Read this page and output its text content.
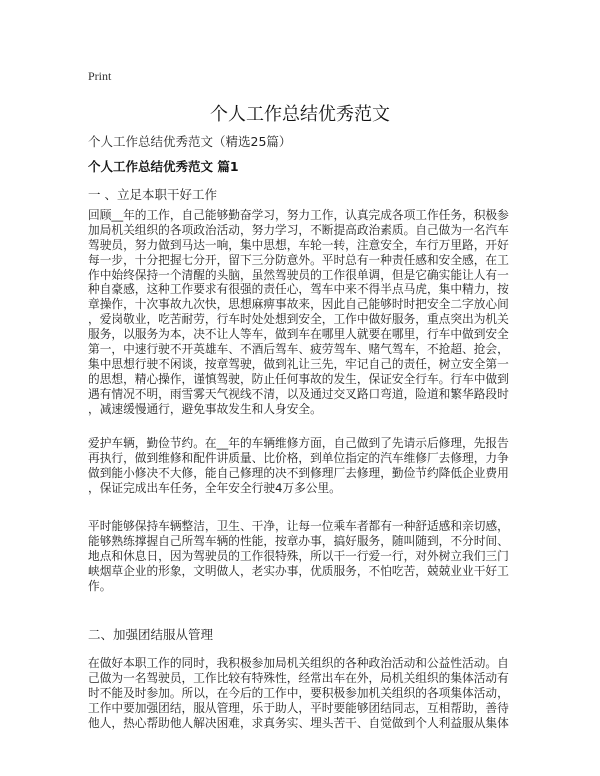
Print
个人工作总结优秀范文
个人工作总结优秀范文（精选25篇）
个人工作总结优秀范文 篇1
一 、立足本职干好工作
回顾__年的工作，自己能够勤奋学习，努力工作，认真完成各项工作任务，积极参
加局机关组织的各项政治活动，努力学习，不断提高政治素质。自己做为一名汽车
驾驶员，努力做到马达一响，集中思想，车轮一转，注意安全，车行万里路，开好
每一步，十分把握七分开，留下三分防意外。平时总有一种责任感和安全感，在工
作中始终保持一个清醒的头脑，虽然驾驶员的工作很单调，但是它确实能让人有一
种自豪感，这种工作要求有很强的责任心，驾车中来不得半点马虎，集中精力，按
章操作，十次事故九次快，思想麻痹事故来，因此自己能够时时把安全二字放心间
，爱岗敬业，吃苦耐劳，行车时处处想到安全，工作中做好服务，重点突出为机关
服务，以服务为本，决不让人等车，做到车在哪里人就要在哪里，行车中做到安全
第一，中速行驶不开英雄车、不酒后驾车、疲劳驾车、赌气驾车，不抢超、抢会，
集中思想行驶不闲谈，按章驾驶，做到礼让三先，牢记自己的责任，树立安全第一
的思想，精心操作，谨慎驾驶，防止任何事故的发生，保证安全行车。行车中做到
遇有情况不明，雨雪雾天气视线不清，以及通过交叉路口弯道，险道和繁华路段时
，减速缓慢通行，避免事故发生和人身安全。
爱护车辆，勤俭节约。在__年的车辆维修方面，自己做到了先请示后修理，先报告
再执行，做到维修和配件讲质量、比价格，到单位指定的汽车维修厂去修理，力争
做到能小修决不大修，能自己修理的决不到修理厂去修理，勤俭节约降低企业费用
，保证完成出车任务，全年安全行驶4万多公里。
平时能够保持车辆整洁，卫生、干净，让每一位乘车者都有一种舒适感和亲切感，
能够熟练撑握自己所驾车辆的性能，按章办事，搞好服务，随叫随到，不分时间、
地点和休息日，因为驾驶员的工作很特殊，所以干一行爱一行，对外树立我们三门
峡烟草企业的形象，文明做人，老实办事，优质服务，不怕吃苦，兢兢业业干好工
作。
二、加强团结服从管理
在做好本职工作的同时，我积极参加局机关组织的各种政治活动和公益性活动。自
己做为一名驾驶员，工作比较有特殊性，经常出车在外，局机关组织的集体活动有
时不能及时参加。所以，在今后的工作中，要积极参加机关组织的各项集体活动，
工作中要加强团结，服从管理，乐于助人，平时要能够团结同志，互相帮助，善待
他人，热心帮助他人解决困难，求真务实、埋头苦干、自觉做到个人利益服从集体
